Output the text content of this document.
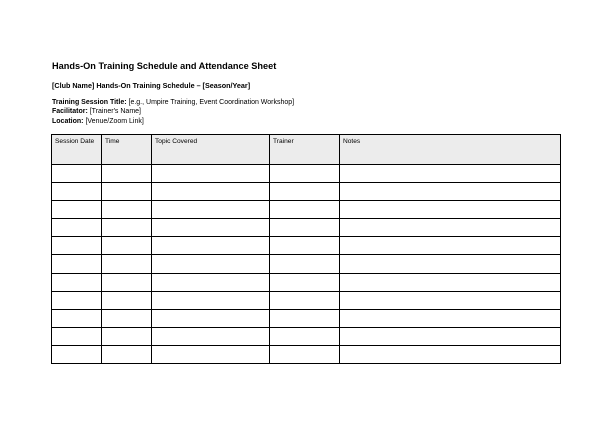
Hands-On Training Schedule and Attendance Sheet
[Club Name] Hands-On Training Schedule – [Season/Year]
Training Session Title: [e.g., Umpire Training, Event Coordination Workshop]
Facilitator: [Trainer's Name]
Location: [Venue/Zoom Link]
Session Date	Time	Topic Covered	Trainer	Notes
